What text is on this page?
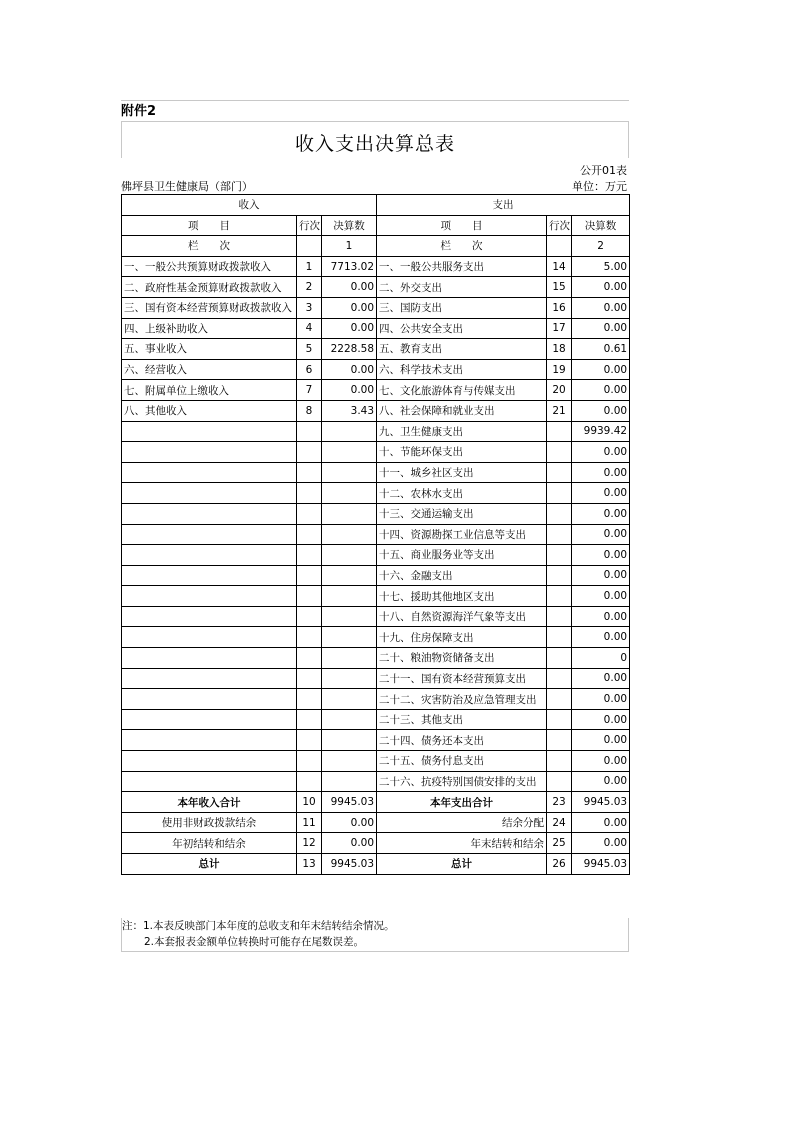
附件2
收入支出决算总表
公开01表
佛坪县卫生健康局（部门）	单位：万元
收入			支出		
项　　目	行次	决算数	项　　目	行次	决算数
栏　　次		1	栏　　次		2
一、一般公共预算财政拨款收入	1	7713.02	一、一般公共服务支出	14	5.00
二、政府性基金预算财政拨款收入	2	0.00	二、外交支出	15	0.00
三、国有资本经营预算财政拨款收入	3	0.00	三、国防支出	16	0.00
四、上级补助收入	4	0.00	四、公共安全支出	17	0.00
五、事业收入	5	2228.58	五、教育支出	18	0.61
六、经营收入	6	0.00	六、科学技术支出	19	0.00
七、附属单位上缴收入	7	0.00	七、文化旅游体育与传媒支出	20	0.00
八、其他收入	8	3.43	八、社会保障和就业支出	21	0.00
			九、卫生健康支出		9939.42
			十、节能环保支出		0.00
			十一、城乡社区支出		0.00
			十二、农林水支出		0.00
			十三、交通运输支出		0.00
			十四、资源勘探工业信息等支出		0.00
			十五、商业服务业等支出		0.00
			十六、金融支出		0.00
			十七、援助其他地区支出		0.00
			十八、自然资源海洋气象等支出		0.00
			十九、住房保障支出		0.00
			二十、粮油物资储备支出		0
			二十一、国有资本经营预算支出		0.00
			二十二、灾害防治及应急管理支出		0.00
			二十三、其他支出		0.00
			二十四、债务还本支出		0.00
			二十五、债务付息支出		0.00
			二十六、抗疫特别国债安排的支出		0.00
本年收入合计	10	9945.03	本年支出合计	23	9945.03
使用非财政拨款结余	11	0.00	结余分配	24	0.00
年初结转和结余	12	0.00	年末结转和结余	25	0.00
总计	13	9945.03	总计	26	9945.03
注：1.本表反映部门本年度的总收支和年末结转结余情况。
2.本套报表金额单位转换时可能存在尾数误差。
